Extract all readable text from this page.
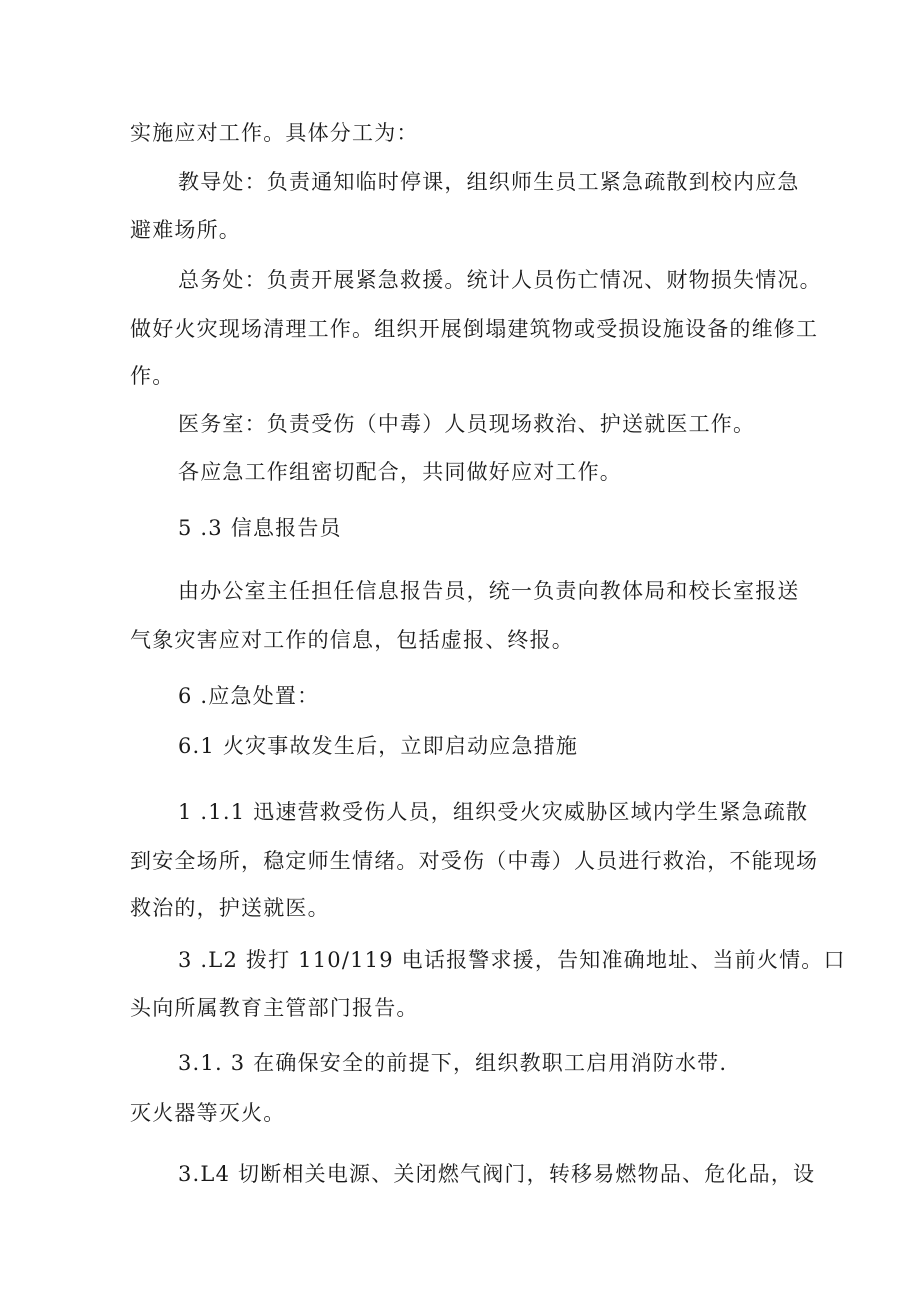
实施应对工作。具体分工为：
教导处：负责通知临时停课，组织师生员工紧急疏散到校内应急
避难场所。
总务处：负责开展紧急救援。统计人员伤亡情况、财物损失情况。
做好火灾现场清理工作。组织开展倒塌建筑物或受损设施设备的维修工
作。
医务室：负责受伤（中毒）人员现场救治、护送就医工作。
各应急工作组密切配合，共同做好应对工作。
5 .3 信息报告员
由办公室主任担任信息报告员，统一负责向教体局和校长室报送
气象灾害应对工作的信息，包括虚报、终报。
6 .应急处置：
6.1 火灾事故发生后，立即启动应急措施
1 .1.1 迅速营救受伤人员，组织受火灾威胁区域内学生紧急疏散
到安全场所，稳定师生情绪。对受伤（中毒）人员进行救治，不能现场
救治的，护送就医。
3 .L2 拨打 110/119 电话报警求援，告知准确地址、当前火情。口
头向所属教育主管部门报告。
3.1. 3 在确保安全的前提下，组织教职工启用消防水带.
灭火器等灭火。
3.L4 切断相关电源、关闭燃气阀门，转移易燃物品、危化品，设
